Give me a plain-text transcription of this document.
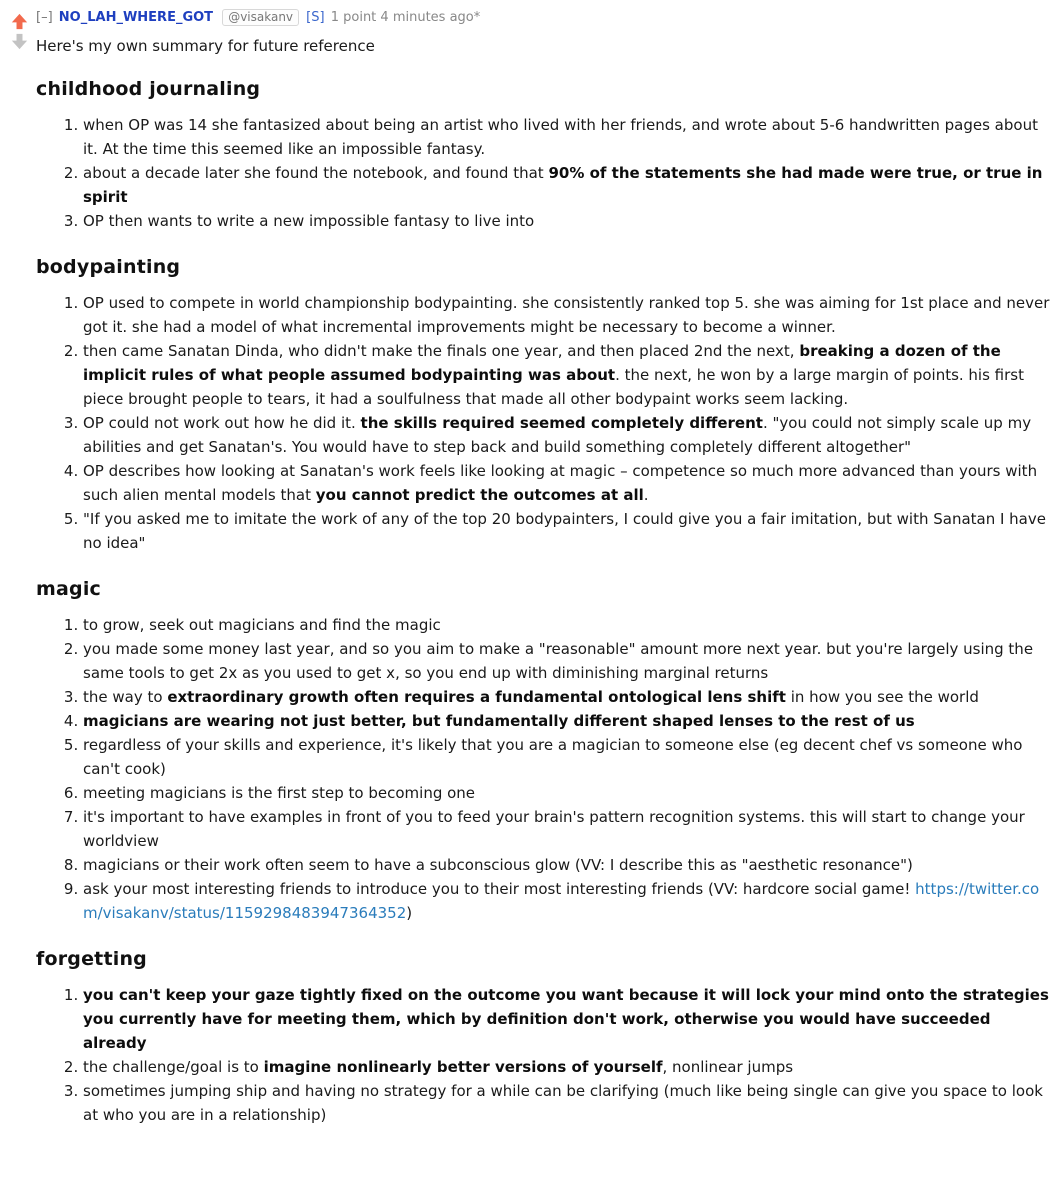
[–] NO_LAH_WHERE_GOT @visakanv [S] 1 point 4 minutes ago*
Here's my own summary for future reference
childhood journaling
1. when OP was 14 she fantasized about being an artist who lived with her friends, and wrote about 5-6 handwritten pages about it. At the time this seemed like an impossible fantasy.
2. about a decade later she found the notebook, and found that 90% of the statements she had made were true, or true in spirit
3. OP then wants to write a new impossible fantasy to live into
bodypainting
1. OP used to compete in world championship bodypainting. she consistently ranked top 5. she was aiming for 1st place and never got it. she had a model of what incremental improvements might be necessary to become a winner.
2. then came Sanatan Dinda, who didn't make the finals one year, and then placed 2nd the next, breaking a dozen of the implicit rules of what people assumed bodypainting was about. the next, he won by a large margin of points. his first piece brought people to tears, it had a soulfulness that made all other bodypaint works seem lacking.
3. OP could not work out how he did it. the skills required seemed completely different. "you could not simply scale up my abilities and get Sanatan's. You would have to step back and build something completely different altogether"
4. OP describes how looking at Sanatan's work feels like looking at magic – competence so much more advanced than yours with such alien mental models that you cannot predict the outcomes at all.
5. "If you asked me to imitate the work of any of the top 20 bodypainters, I could give you a fair imitation, but with Sanatan I have no idea"
magic
1. to grow, seek out magicians and find the magic
2. you made some money last year, and so you aim to make a "reasonable" amount more next year. but you're largely using the same tools to get 2x as you used to get x, so you end up with diminishing marginal returns
3. the way to extraordinary growth often requires a fundamental ontological lens shift in how you see the world
4. magicians are wearing not just better, but fundamentally different shaped lenses to the rest of us
5. regardless of your skills and experience, it's likely that you are a magician to someone else (eg decent chef vs someone who can't cook)
6. meeting magicians is the first step to becoming one
7. it's important to have examples in front of you to feed your brain's pattern recognition systems. this will start to change your worldview
8. magicians or their work often seem to have a subconscious glow (VV: I describe this as "aesthetic resonance")
9. ask your most interesting friends to introduce you to their most interesting friends (VV: hardcore social game! https://twitter.com/visakanv/status/1159298483947364352)
forgetting
1. you can't keep your gaze tightly fixed on the outcome you want because it will lock your mind onto the strategies you currently have for meeting them, which by definition don't work, otherwise you would have succeeded already
2. the challenge/goal is to imagine nonlinearly better versions of yourself, nonlinear jumps
3. sometimes jumping ship and having no strategy for a while can be clarifying (much like being single can give you space to look at who you are in a relationship)
